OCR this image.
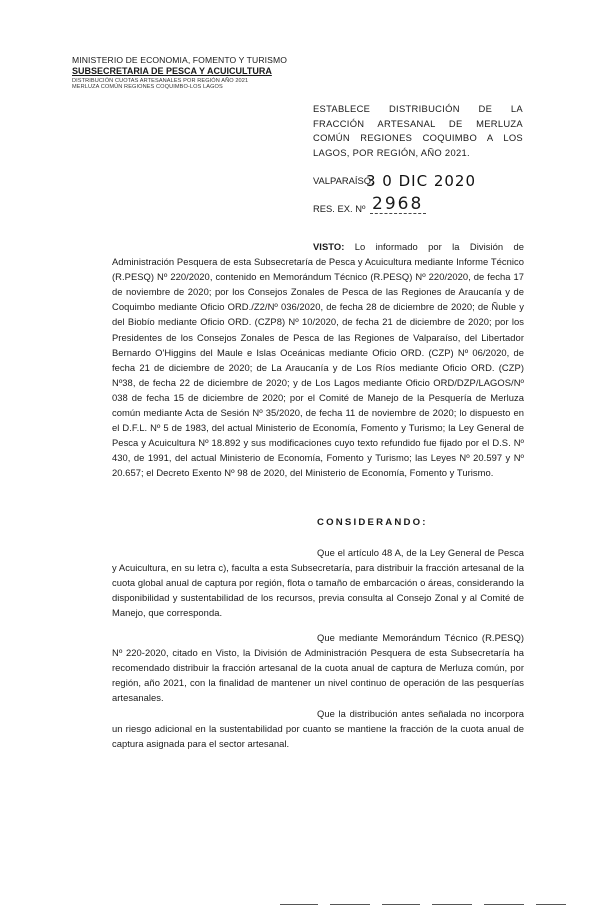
MINISTERIO DE ECONOMIA, FOMENTO Y TURISMO
SUBSECRETARIA DE PESCA Y ACUICULTURA
DISTRIBUCIÓN CUOTAS ARTESANALES POR REGIÓN AÑO 2021
MERLUZA COMÚN REGIONES COQUIMBO-LOS LAGOS
ESTABLECE DISTRIBUCIÓN DE LA FRACCIÓN ARTESANAL DE MERLUZA COMÚN REGIONES COQUIMBO A LOS LAGOS, POR REGIÓN, AÑO 2021.
VALPARAÍSO,
3 0 DIC 2020
RES. EX. Nº 2968
VISTO: Lo informado por la División de Administración Pesquera de esta Subsecretaría de Pesca y Acuicultura mediante Informe Técnico (R.PESQ) Nº 220/2020, contenido en Memorándum Técnico (R.PESQ) Nº 220/2020, de fecha 17 de noviembre de 2020; por los Consejos Zonales de Pesca de las Regiones de Araucanía y de Coquimbo mediante Oficio ORD./Z2/Nº 036/2020, de fecha 28 de diciembre de 2020; de Ñuble y del Biobío mediante Oficio ORD. (CZP8) Nº 10/2020, de fecha 21 de diciembre de 2020; por los Presidentes de los Consejos Zonales de Pesca de las Regiones de Valparaíso, del Libertador Bernardo O'Higgins del Maule e Islas Oceánicas mediante Oficio ORD. (CZP) Nº 06/2020, de fecha 21 de diciembre de 2020; de La Araucanía y de Los Ríos mediante Oficio ORD. (CZP) Nº38, de fecha 22 de diciembre de 2020; y de Los Lagos mediante Oficio ORD/DZP/LAGOS/Nº 038 de fecha 15 de diciembre de 2020; por el Comité de Manejo de la Pesquería de Merluza común mediante Acta de Sesión Nº 35/2020, de fecha 11 de noviembre de 2020; lo dispuesto en el D.F.L. Nº 5 de 1983, del actual Ministerio de Economía, Fomento y Turismo; la Ley General de Pesca y Acuicultura Nº 18.892 y sus modificaciones cuyo texto refundido fue fijado por el D.S. Nº 430, de 1991, del actual Ministerio de Economía, Fomento y Turismo; las Leyes Nº 20.597 y Nº 20.657; el Decreto Exento Nº 98 de 2020, del Ministerio de Economía, Fomento y Turismo.
CONSIDERANDO:
Que el artículo 48 A, de la Ley General de Pesca y Acuicultura, en su letra c), faculta a esta Subsecretaría, para distribuir la fracción artesanal de la cuota global anual de captura por región, flota o tamaño de embarcación o áreas, considerando la disponibilidad y sustentabilidad de los recursos, previa consulta al Consejo Zonal y al Comité de Manejo, que corresponda.
Que mediante Memorándum Técnico (R.PESQ) Nº 220-2020, citado en Visto, la División de Administración Pesquera de esta Subsecretaría ha recomendado distribuir la fracción artesanal de la cuota anual de captura de Merluza común, por región, año 2021, con la finalidad de mantener un nivel continuo de operación de las pesquerías artesanales.
Que la distribución antes señalada no incorpora un riesgo adicional en la sustentabilidad por cuanto se mantiene la fracción de la cuota anual de captura asignada para el sector artesanal.
